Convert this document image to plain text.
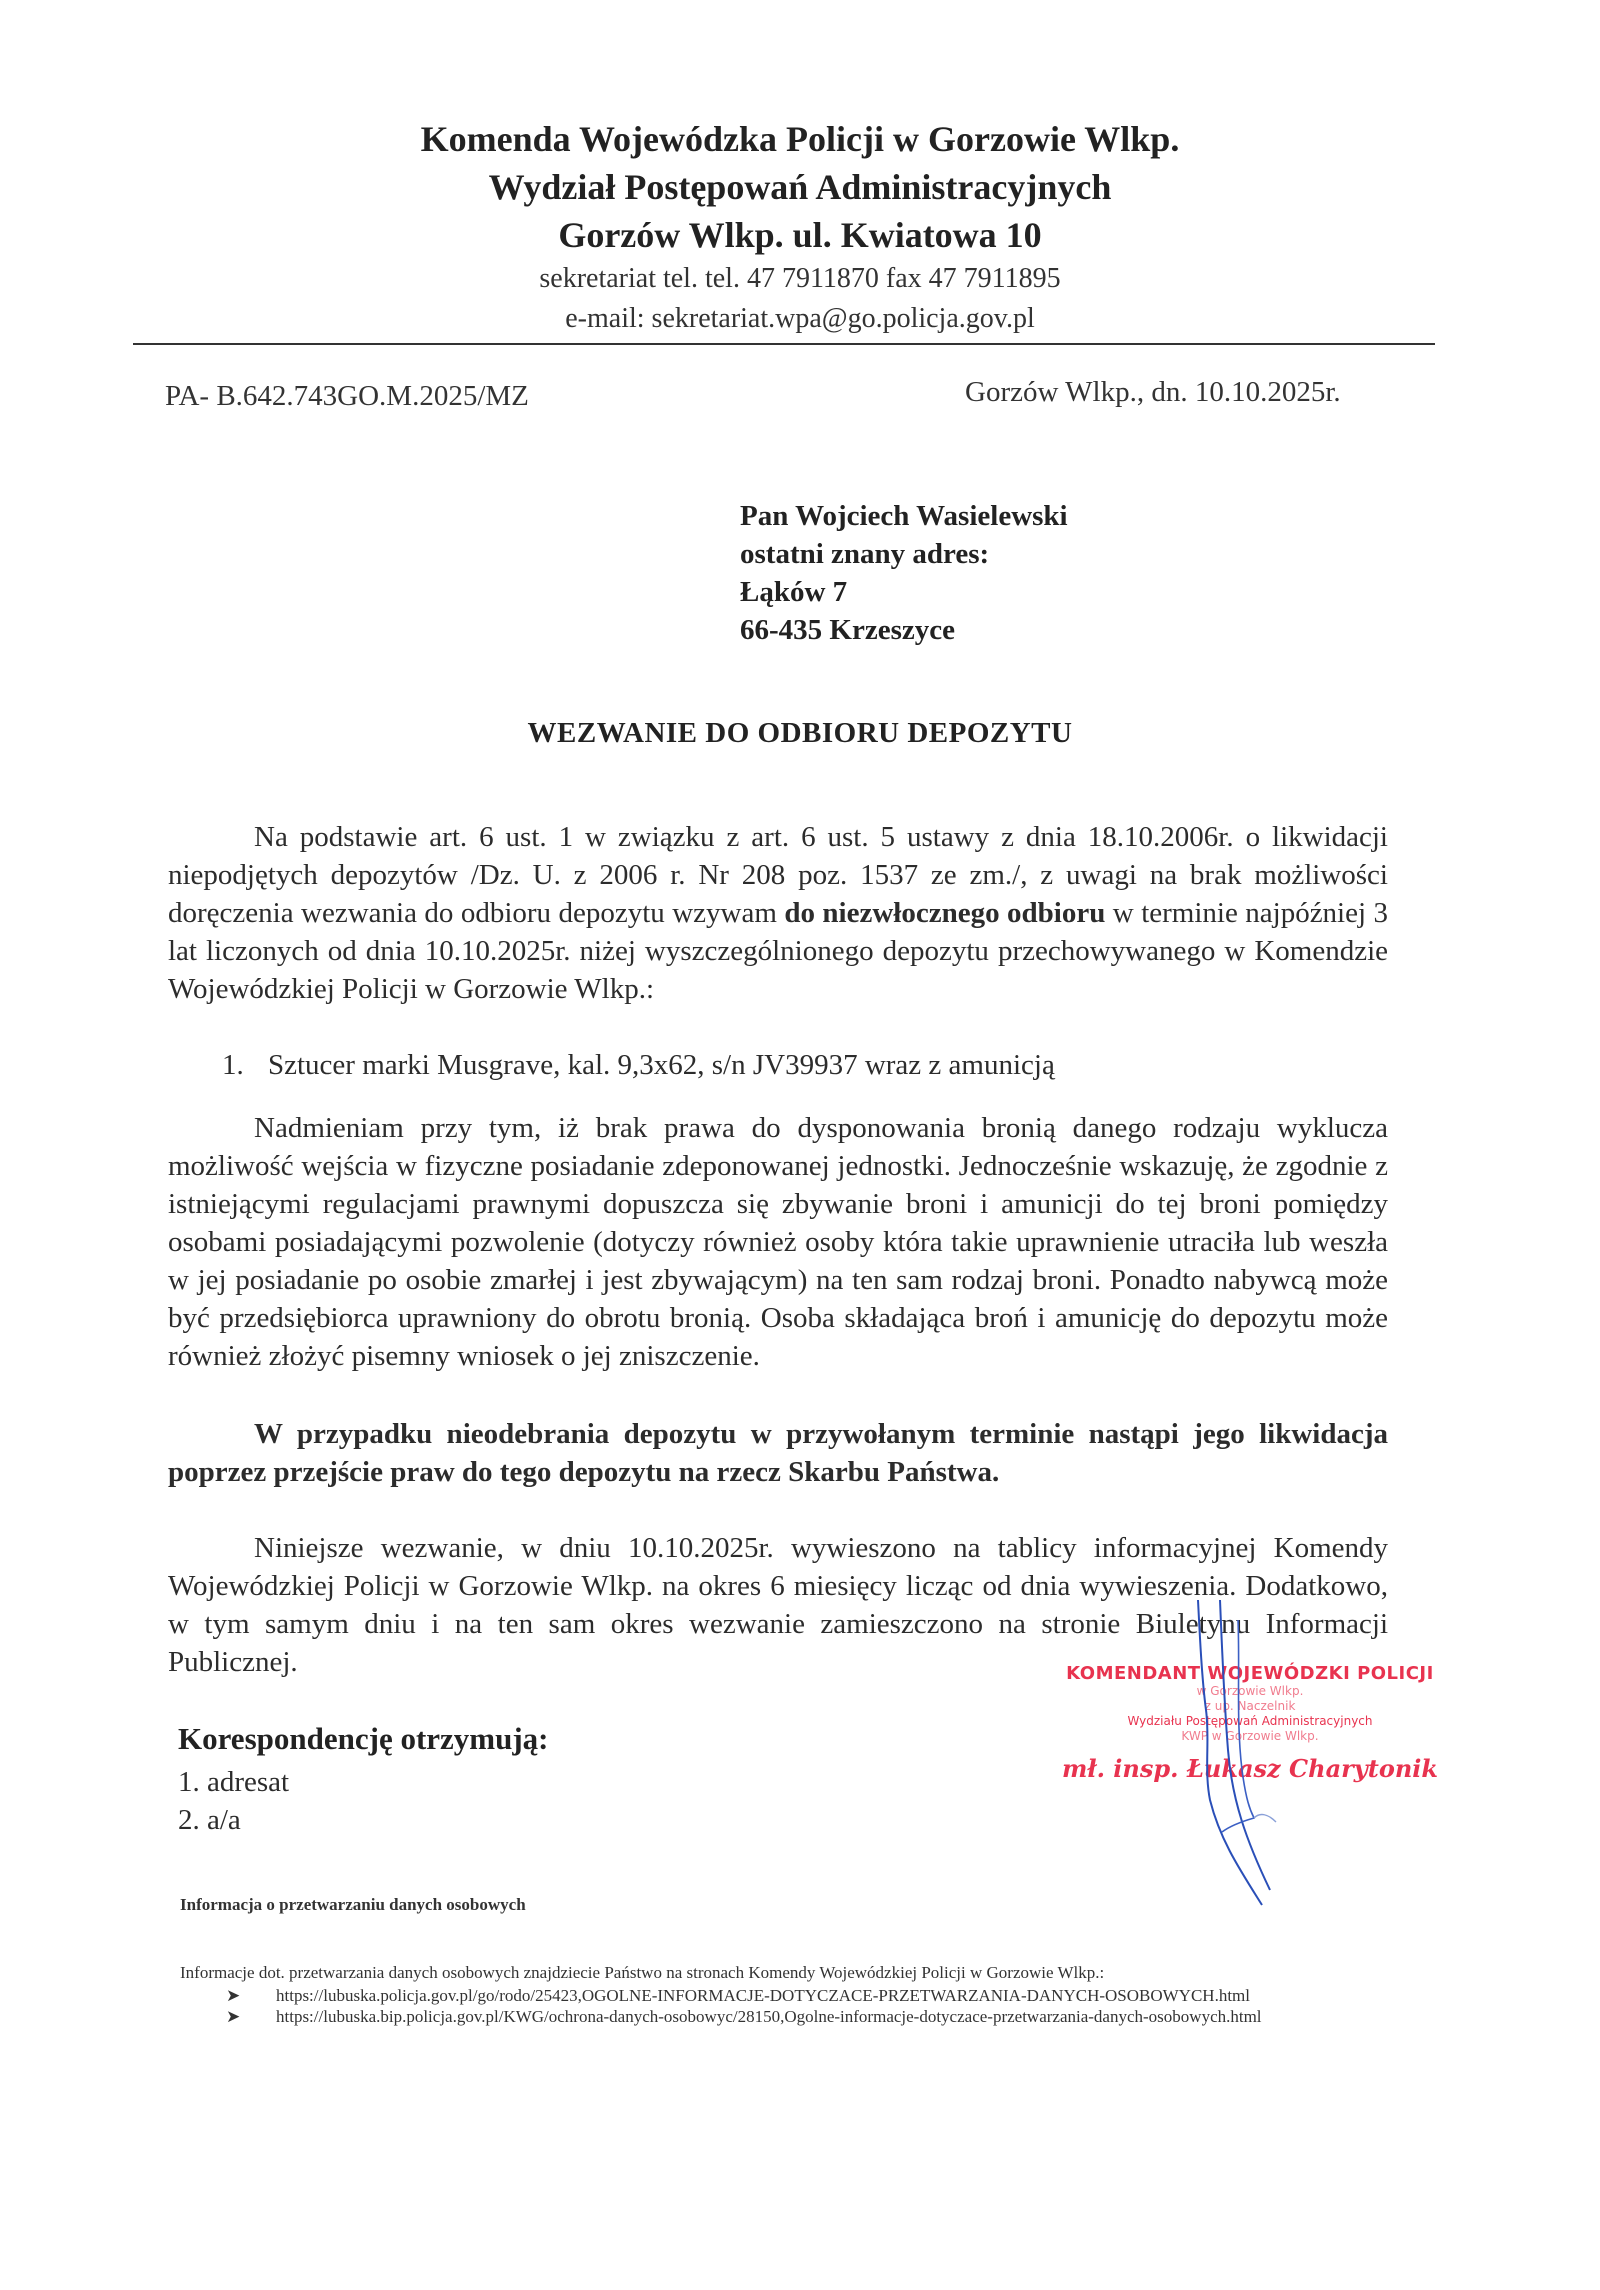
Komenda Wojewódzka Policji w Gorzowie Wlkp.
Wydział Postępowań Administracyjnych
Gorzów Wlkp. ul. Kwiatowa 10
sekretariat tel. tel. 47 7911870 fax 47 7911895
e-mail: sekretariat.wpa@go.policja.gov.pl
PA- B.642.743GO.M.2025/MZ	Gorzów Wlkp., dn. 10.10.2025r.
Pan Wojciech Wasielewski
ostatni znany adres:
Łąków 7
66-435 Krzeszyce
WEZWANIE DO ODBIORU DEPOZYTU
Na podstawie art. 6 ust. 1 w związku z art. 6 ust. 5 ustawy z dnia 18.10.2006r. o likwidacji niepodjętych depozytów /Dz. U. z 2006 r. Nr 208 poz. 1537 ze zm./, z uwagi na brak możliwości doręczenia wezwania do odbioru depozytu wzywam do niezwłocznego odbioru w terminie najpóźniej 3 lat liczonych od dnia 10.10.2025r. niżej wyszczególnionego depozytu przechowywanego w Komendzie Wojewódzkiej Policji w Gorzowie Wlkp.:
1. Sztucer marki Musgrave, kal. 9,3x62, s/n JV39937 wraz z amunicją
Nadmieniam przy tym, iż brak prawa do dysponowania bronią danego rodzaju wyklucza możliwość wejścia w fizyczne posiadanie zdeponowanej jednostki. Jednocześnie wskazuję, że zgodnie z istniejącymi regulacjami prawnymi dopuszcza się zbywanie broni i amunicji do tej broni pomiędzy osobami posiadającymi pozwolenie (dotyczy również osoby która takie uprawnienie utraciła lub weszła w jej posiadanie po osobie zmarłej i jest zbywającym) na ten sam rodzaj broni. Ponadto nabywcą może być przedsiębiorca uprawniony do obrotu bronią. Osoba składająca broń i amunicję do depozytu może również złożyć pisemny wniosek o jej zniszczenie.
W przypadku nieodebrania depozytu w przywołanym terminie nastąpi jego likwidacja poprzez przejście praw do tego depozytu na rzecz Skarbu Państwa.
Niniejsze wezwanie, w dniu 10.10.2025r. wywieszono na tablicy informacyjnej Komendy Wojewódzkiej Policji w Gorzowie Wlkp. na okres 6 miesięcy licząc od dnia wywieszenia. Dodatkowo, w tym samym dniu i na ten sam okres wezwanie zamieszczono na stronie Biuletynu Informacji Publicznej.
Korespondencję otrzymują:
1. adresat
2. a/a
KOMENDANT WOJEWÓDZKI POLICJI
w Gorzowie Wlkp.
z up. Naczelnik
Wydziału Postępowań Administracyjnych
KWP w Gorzowie Wlkp.
mł. insp. Łukasz Charytonik
Informacja o przetwarzaniu danych osobowych
Informacje dot. przetwarzania danych osobowych znajdziecie Państwo na stronach Komendy Wojewódzkiej Policji w Gorzowie Wlkp.:
➤ https://lubuska.policja.gov.pl/go/rodo/25423,OGOLNE-INFORMACJE-DOTYCZACE-PRZETWARZANIA-DANYCH-OSOBOWYCH.html
➤ https://lubuska.bip.policja.gov.pl/KWG/ochrona-danych-osobowyc/28150,Ogolne-informacje-dotyczace-przetwarzania-danych-osobowych.html
